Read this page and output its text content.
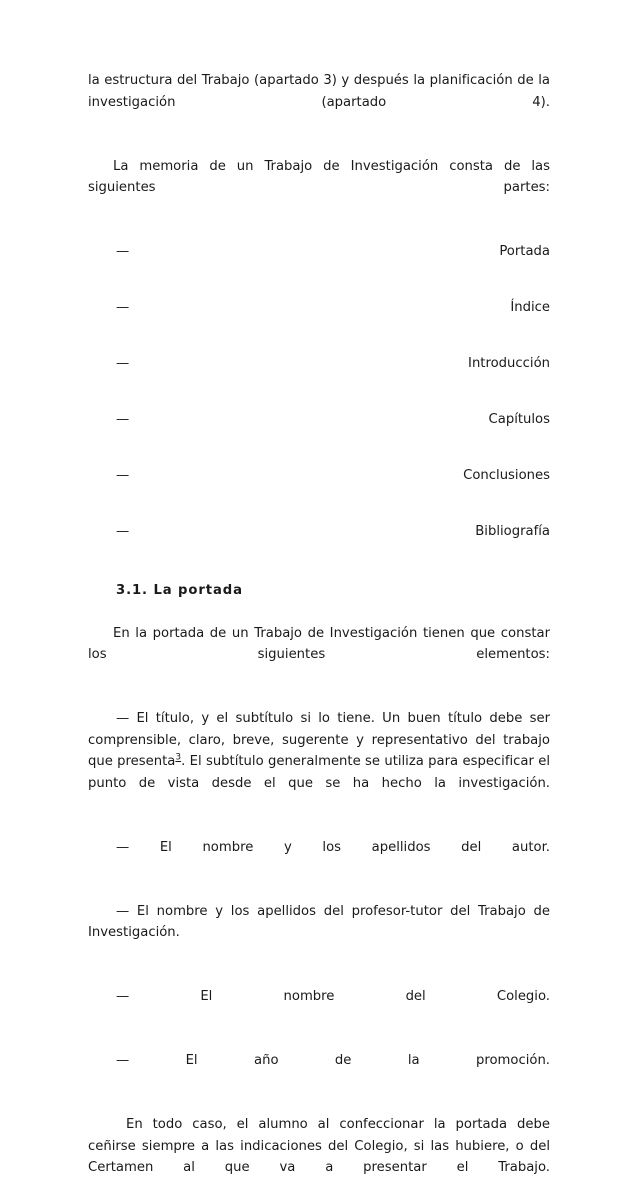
la estructura del Trabajo (apartado 3) y después la planificación de la investigación (apartado 4).

La memoria de un Trabajo de Investigación consta de las siguientes partes:

— Portada

— Índice

— Introducción

— Capítulos

— Conclusiones

— Bibliografía

3.1. La portada

En la portada de un Trabajo de Investigación tienen que constar los siguientes elementos:

— El título, y el subtítulo si lo tiene. Un buen título debe ser comprensible, claro, breve, sugerente y representativo del trabajo que presenta$^3$. El subtítulo generalmente se utiliza para especificar el punto de vista desde el que se ha hecho la investigación.

— El nombre y los apellidos del autor.

— El nombre y los apellidos del profesor-tutor del Trabajo de Investigación.

— El nombre del Colegio.

— El año de la promoción.

En todo caso, el alumno al confeccionar la portada debe ceñirse siempre a las indicaciones del Colegio, si las hubiere, o del Certamen al que va a presentar el Trabajo.
